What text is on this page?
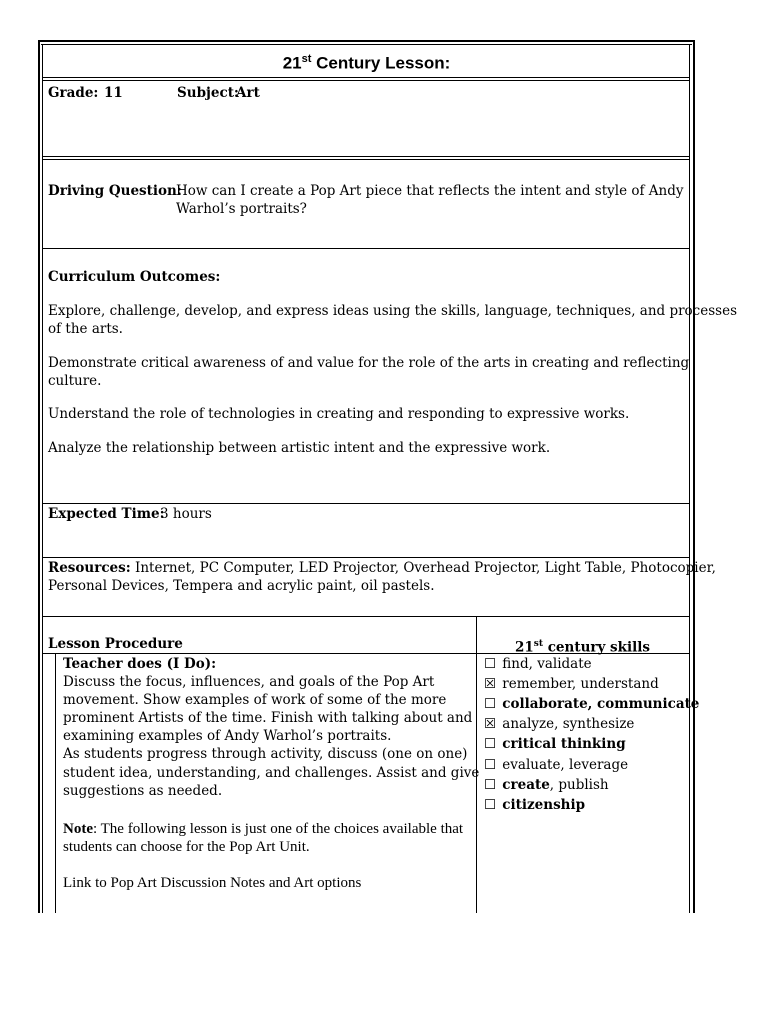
21st Century Lesson:
Grade: 11	Subject:
Art
Driving Question:
How can I create a Pop Art piece that reflects the intent and style of Andy
Warhol’s portraits?
Curriculum Outcomes:
Explore, challenge, develop, and express ideas using the skills, language, techniques, and processes
of the arts.
Demonstrate critical awareness of and value for the role of the arts in creating and reflecting
culture.
Understand the role of technologies in creating and responding to expressive works.
Analyze the relationship between artistic intent and the expressive work.
Expected Time:
3 hours
Resources: Internet, PC Computer, LED Projector, Overhead Projector, Light Table, Photocopier,
Personal Devices, Tempera and acrylic paint, oil pastels.
Lesson Procedure	21st century skills
Teacher does (I Do):
Discuss the focus, influences, and goals of the Pop Art
movement. Show examples of work of some of the more
prominent Artists of the time. Finish with talking about and
examining examples of Andy Warhol’s portraits.
As students progress through activity, discuss (one on one)
student idea, understanding, and challenges. Assist and give
suggestions as needed.
Note: The following lesson is just one of the choices available that
students can choose for the Pop Art Unit.
Link to Pop Art Discussion Notes and Art options
☐ find, validate
☒ remember, understand
☐ collaborate, communicate
☒ analyze, synthesize
☐ critical thinking
☐ evaluate, leverage
☐ create, publish
☐ citizenship
